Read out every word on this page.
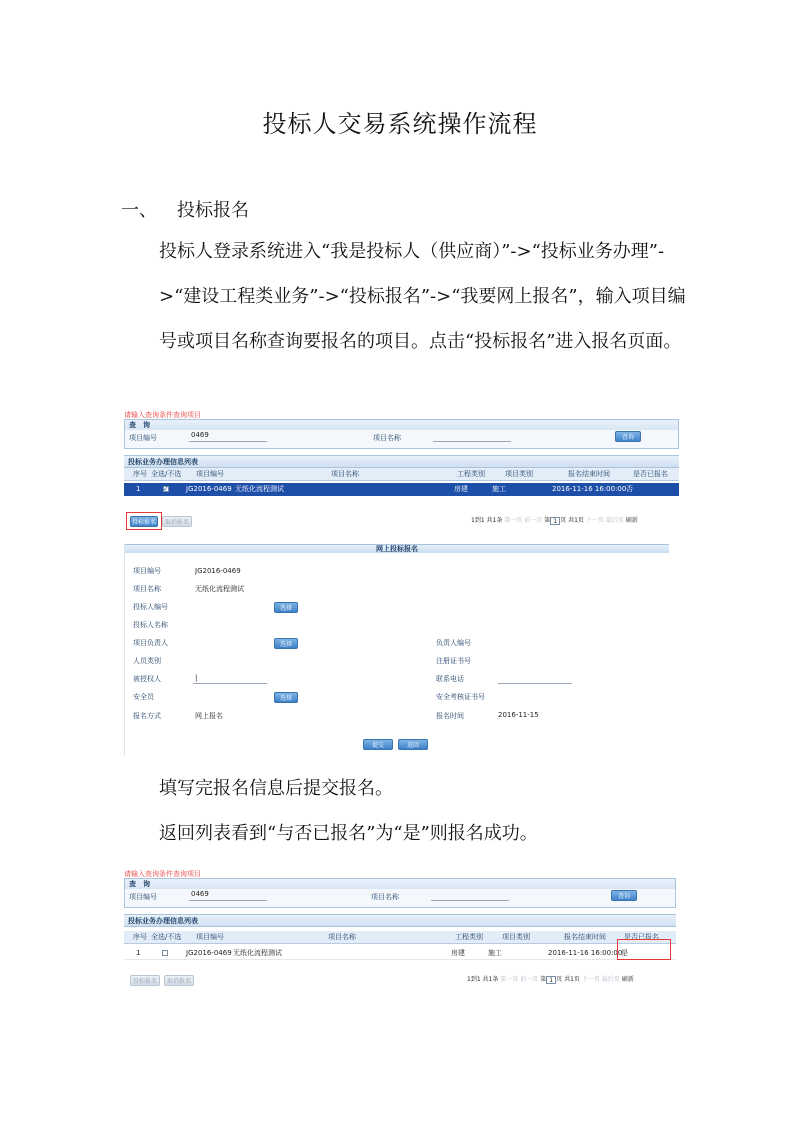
投标人交易系统操作流程
一、 投标报名
投标人登录系统进入“我是投标人（供应商）”->“投标业务办理”->“建设工程类业务”->“投标报名”->“我要网上报名”，输入项目编号或项目名称查询要报名的项目。点击“投标报名”进入报名页面。
填写完报名信息后提交报名。
返回列表看到“与否已报名”为“是”则报名成功。
请输入查询条件查询项目
查　询
项目编号	0469	项目名称	查询
投标业务办理信息列表
序号 全选/不选 项目编号	项目名称	工程类别	项目类别	报名结束时间	是否已报名
1
✓	JG2016-0469 无纸化流程测试	房建	施工	2016-11-16 16:00:00 否
投标报名	取消报名	1到1 共1条 第一页 前一页 第 1 页 共1页 下一页 最后页 刷新
网上投标报名
项目编号	JG2016-0469
项目名称	无纸化流程测试
投标人编号	选择
投标人名称
项目负责人	选择	负责人编号
人员类别	注册证书号
被授权人	|	联系电话
安全员	选择	安全考核证书号
报名方式	网上报名	报名时间	2016-11-15
提交	返回
请输入查询条件查询项目
查　询
项目编号	0469	项目名称	查询
投标业务办理信息列表
序号 全选/不选 项目编号	项目名称	工程类别	项目类别	报名结束时间	是否已报名
1	JG2016-0469 无纸化流程测试	房建	施工	2016-11-16 16:00:00
是
投标报名	取消报名	1到1 共1条 第一页 前一页 第 1 页 共1页 下一页 最后页 刷新
